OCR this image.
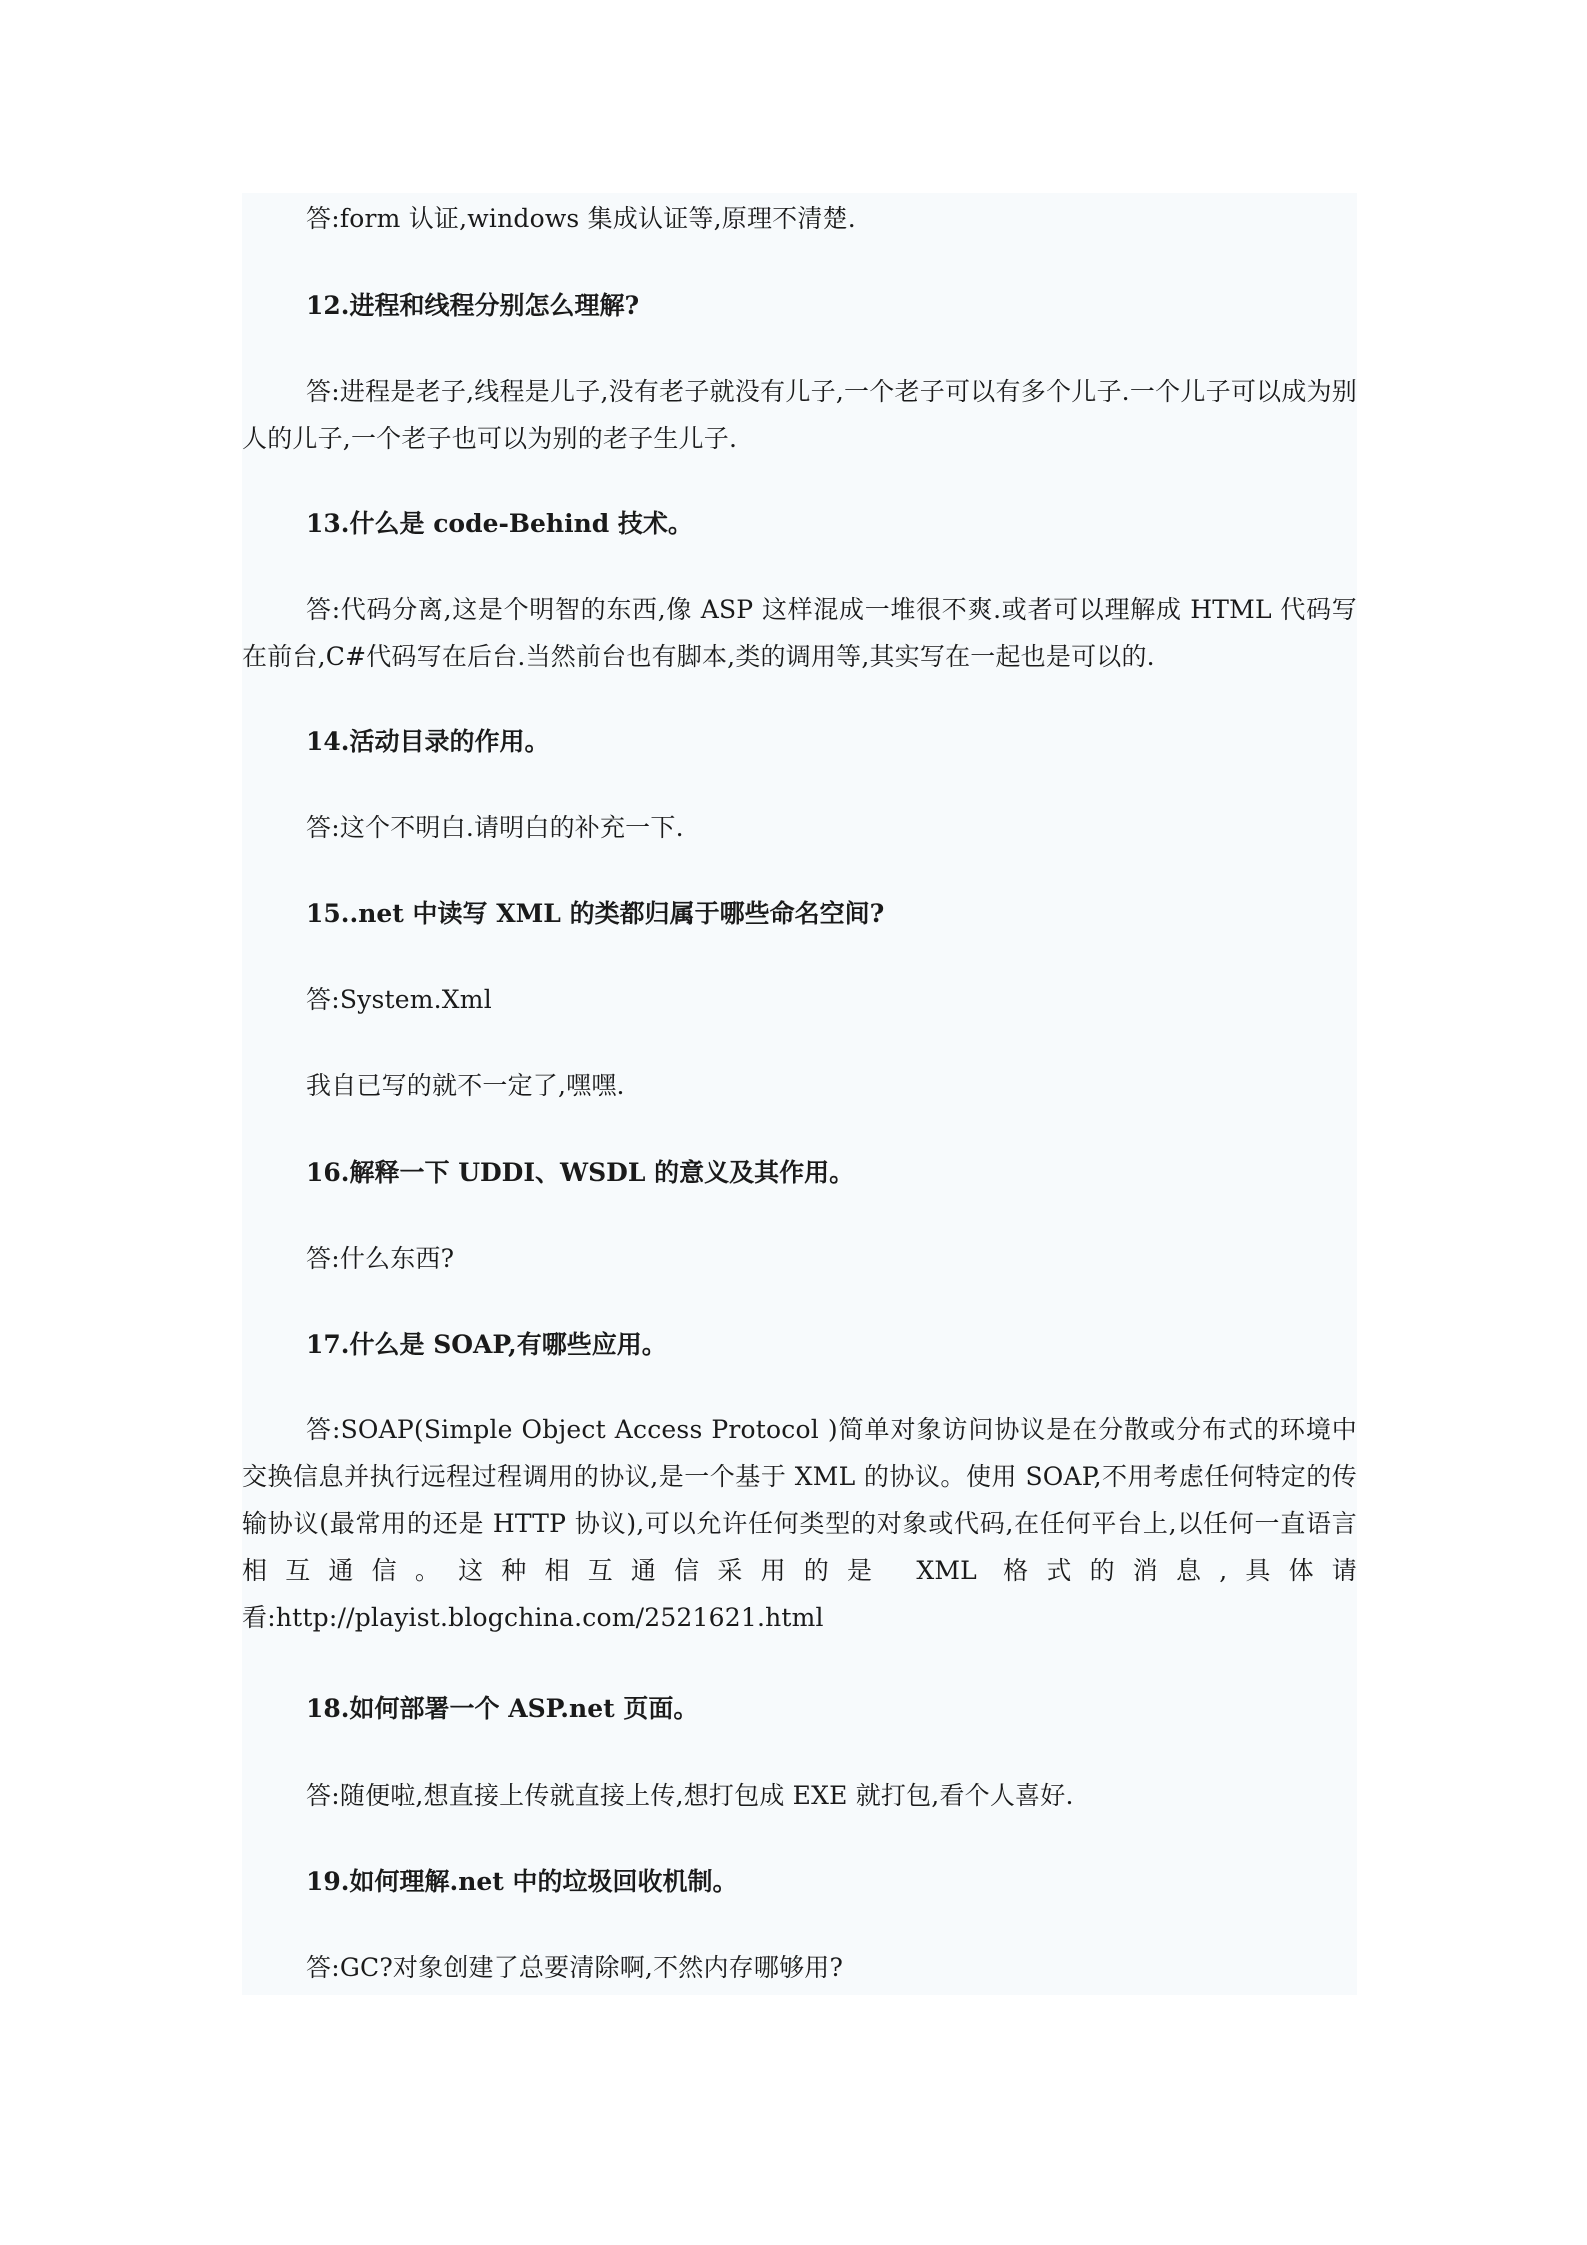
答:form 认证,windows 集成认证等,原理不清楚.
12.进程和线程分别怎么理解?
答:进程是老子,线程是儿子,没有老子就没有儿子,一个老子可以有多个儿子.一个儿子可以成为别人的儿子,一个老子也可以为别的老子生儿子.
13.什么是 code-Behind 技术。
答:代码分离,这是个明智的东西,像 ASP 这样混成一堆很不爽.或者可以理解成 HTML 代码写在前台,C#代码写在后台.当然前台也有脚本,类的调用等,其实写在一起也是可以的.
14.活动目录的作用。
答:这个不明白.请明白的补充一下.
15..net 中读写 XML 的类都归属于哪些命名空间?
答:System.Xml
我自已写的就不一定了,嘿嘿.
16.解释一下 UDDI、WSDL 的意义及其作用。
答:什么东西?
17.什么是 SOAP,有哪些应用。
答:SOAP(Simple Object Access Protocol )简单对象访问协议是在分散或分布式的环境中交换信息并执行远程过程调用的协议,是一个基于 XML 的协议。使用 SOAP,不用考虑任何特定的传输协议(最常用的还是 HTTP 协议),可以允许任何类型的对象或代码,在任何平台上,以任何一直语言相互通信。这种相互通信采用的是 XML 格式的消息,具体请看:http://playist.blogchina.com/2521621.html
18.如何部署一个 ASP.net 页面。
答:随便啦,想直接上传就直接上传,想打包成 EXE 就打包,看个人喜好.
19.如何理解.net 中的垃圾回收机制。
答:GC?对象创建了总要清除啊,不然内存哪够用?
